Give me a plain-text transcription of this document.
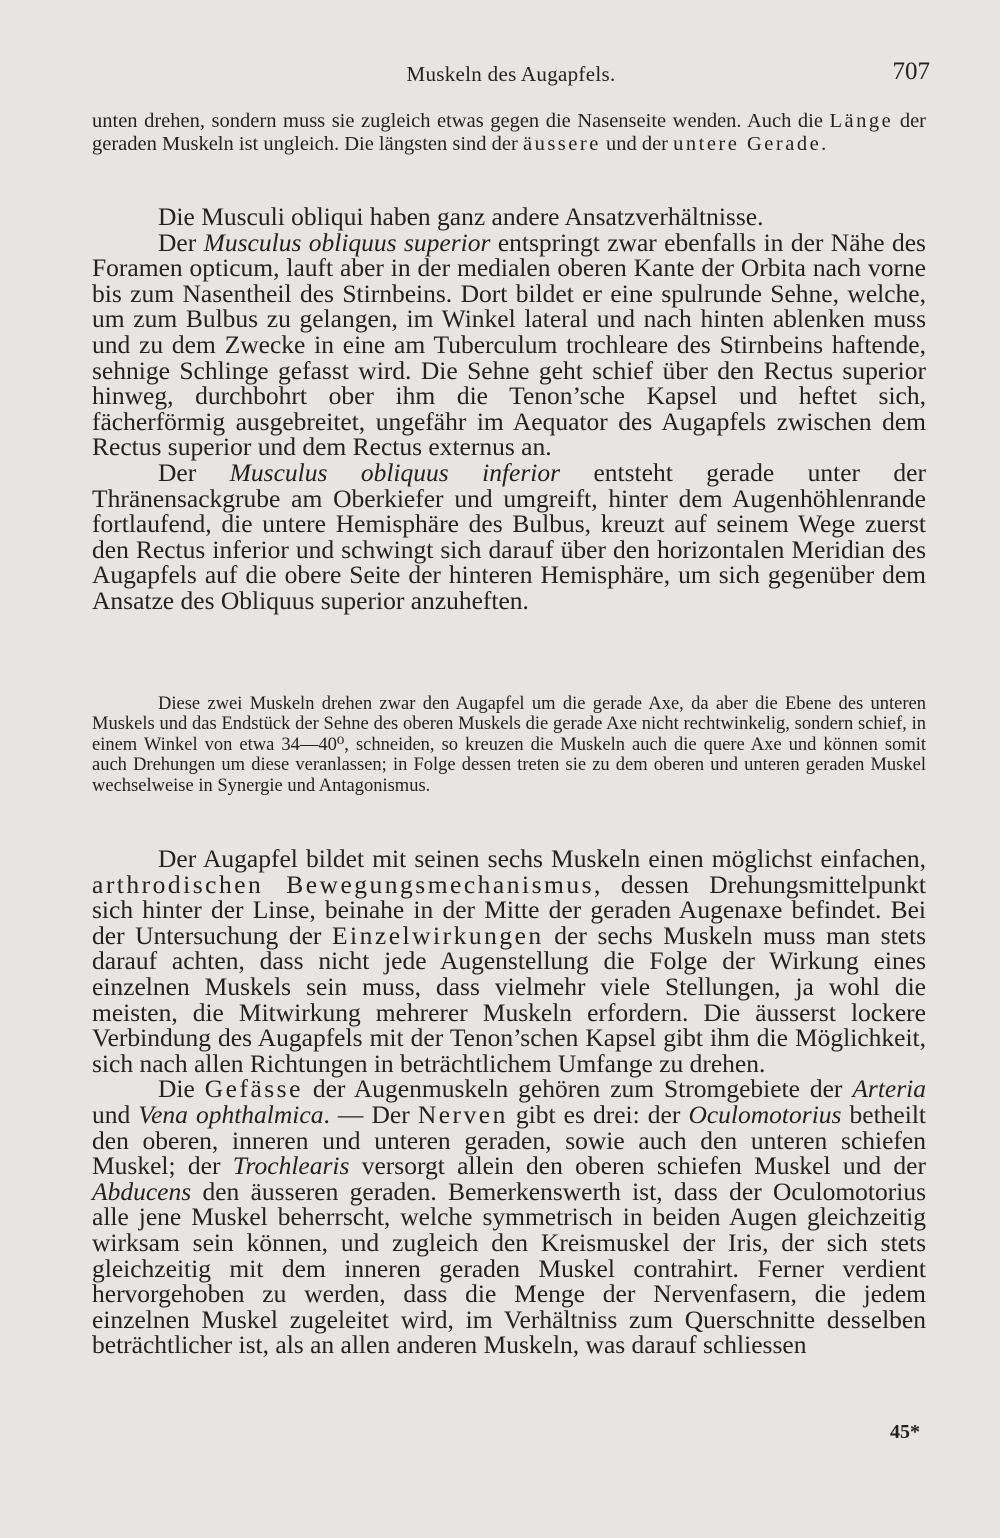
Muskeln des Augapfels.	707

unten drehen, sondern muss sie zugleich etwas gegen die Nasenseite wenden. Auch die Länge der geraden Muskeln ist ungleich. Die längsten sind der äussere und der untere Gerade.

Die Musculi obliqui haben ganz andere Ansatzverhältnisse.

Der Musculus obliquus superior entspringt zwar ebenfalls in der Nähe des Foramen opticum, lauft aber in der medialen oberen Kante der Orbita nach vorne bis zum Nasentheil des Stirnbeins. Dort bildet er eine spulrunde Sehne, welche, um zum Bulbus zu gelangen, im Winkel lateral und nach hinten ablenken muss und zu dem Zwecke in eine am Tuberculum trochleare des Stirnbeins haftende, sehnige Schlinge gefasst wird. Die Sehne geht schief über den Rectus superior hinweg, durchbohrt ober ihm die Tenon’sche Kapsel und heftet sich, fächerförmig ausgebreitet, ungefähr im Aequator des Augapfels zwischen dem Rectus superior und dem Rectus externus an.

Der Musculus obliquus inferior entsteht gerade unter der Thränensackgrube am Oberkiefer und umgreift, hinter dem Augenhöhlenrande fortlaufend, die untere Hemisphäre des Bulbus, kreuzt auf seinem Wege zuerst den Rectus inferior und schwingt sich darauf über den horizontalen Meridian des Augapfels auf die obere Seite der hinteren Hemisphäre, um sich gegenüber dem Ansatze des Obliquus superior anzuheften.

Diese zwei Muskeln drehen zwar den Augapfel um die gerade Axe, da aber die Ebene des unteren Muskels und das Endstück der Sehne des oberen Muskels die gerade Axe nicht rechtwinkelig, sondern schief, in einem Winkel von etwa 34—40⁰, schneiden, so kreuzen die Muskeln auch die quere Axe und können somit auch Drehungen um diese veranlassen; in Folge dessen treten sie zu dem oberen und unteren geraden Muskel wechselweise in Synergie und Antagonismus.

Der Augapfel bildet mit seinen sechs Muskeln einen möglichst einfachen, arthrodischen Bewegungsmechanismus, dessen Drehungsmittelpunkt sich hinter der Linse, beinahe in der Mitte der geraden Augenaxe befindet. Bei der Untersuchung der Einzelwirkungen der sechs Muskeln muss man stets darauf achten, dass nicht jede Augenstellung die Folge der Wirkung eines einzelnen Muskels sein muss, dass vielmehr viele Stellungen, ja wohl die meisten, die Mitwirkung mehrerer Muskeln erfordern. Die äusserst lockere Verbindung des Augapfels mit der Tenon’schen Kapsel gibt ihm die Möglichkeit, sich nach allen Richtungen in beträchtlichem Umfange zu drehen.

Die Gefässe der Augenmuskeln gehören zum Stromgebiete der Arteria und Vena ophthalmica. — Der Nerven gibt es drei: der Oculomotorius betheilt den oberen, inneren und unteren geraden, sowie auch den unteren schiefen Muskel; der Trochlearis versorgt allein den oberen schiefen Muskel und der Abducens den äusseren geraden. Bemerkenswerth ist, dass der Oculomotorius alle jene Muskel beherrscht, welche symmetrisch in beiden Augen gleichzeitig wirksam sein können, und zugleich den Kreismuskel der Iris, der sich stets gleichzeitig mit dem inneren geraden Muskel contrahirt. Ferner verdient hervorgehoben zu werden, dass die Menge der Nervenfasern, die jedem einzelnen Muskel zugeleitet wird, im Verhältniss zum Querschnitte desselben beträchtlicher ist, als an allen anderen Muskeln, was darauf schliessen

45*
